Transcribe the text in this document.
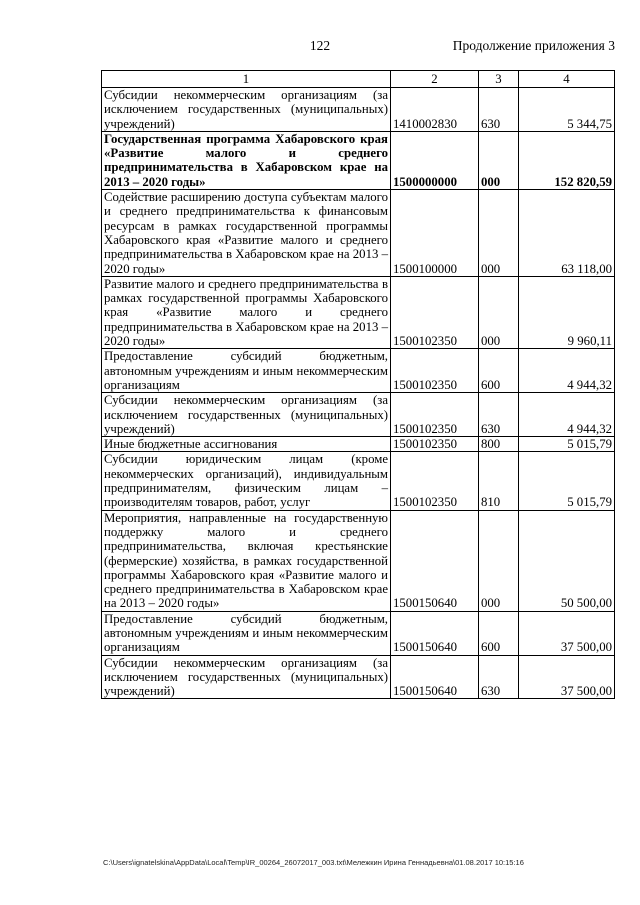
122	Продолжение приложения 3
1	2	3	4
Субсидии некоммерческим организациям (за исключением государственных (муниципальных) учреждений)	1410002830	630	5 344,75
Государственная программа Хабаровского края «Развитие малого и среднего предпринимательства в Хабаровском крае на 2013 – 2020 годы»	1500000000	000	152 820,59
Содействие расширению доступа субъектам малого и среднего предпринимательства к финансовым ресурсам в рамках государственной программы Хабаровского края «Развитие малого и среднего предпринимательства в Хабаровском крае на 2013 – 2020 годы»	1500100000	000	63 118,00
Развитие малого и среднего предпринимательства в рамках государственной программы Хабаровского края «Развитие малого и среднего предпринимательства в Хабаровском крае на 2013 – 2020 годы»	1500102350	000	9 960,11
Предоставление субсидий бюджетным, автономным учреждениям и иным некоммерческим организациям	1500102350	600	4 944,32
Субсидии некоммерческим организациям (за исключением государственных (муниципальных) учреждений)	1500102350	630	4 944,32
Иные бюджетные ассигнования	1500102350	800	5 015,79
Субсидии юридическим лицам (кроме некоммерческих организаций), индивидуальным предпринимателям, физическим лицам – производителям товаров, работ, услуг	1500102350	810	5 015,79
Мероприятия, направленные на государственную поддержку малого и среднего предпринимательства, включая крестьянские (фермерские) хозяйства, в рамках государственной программы Хабаровского края «Развитие малого и среднего предпринимательства в Хабаровском крае на 2013 – 2020 годы»	1500150640	000	50 500,00
Предоставление субсидий бюджетным, автономным учреждениям и иным некоммерческим организациям	1500150640	600	37 500,00
Субсидии некоммерческим организациям (за исключением государственных (муниципальных) учреждений)	1500150640	630	37 500,00
C:\Users\ignatelskina\AppData\Local\Temp\IR_00264_26072017_003.txt\Мележкин Ирина Геннадьевна\01.08.2017 10:15:16
